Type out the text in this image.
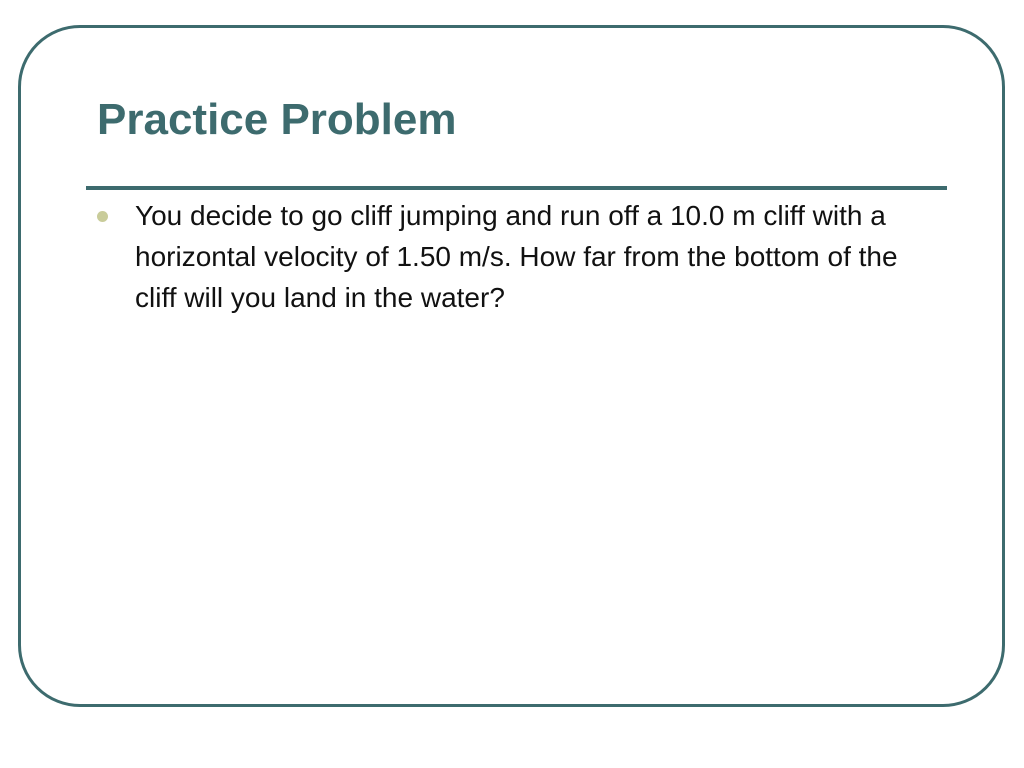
Practice Problem
You decide to go cliff jumping and run off a 10.0 m cliff with a horizontal velocity of 1.50 m/s. How far from the bottom of the cliff will you land in the water?
